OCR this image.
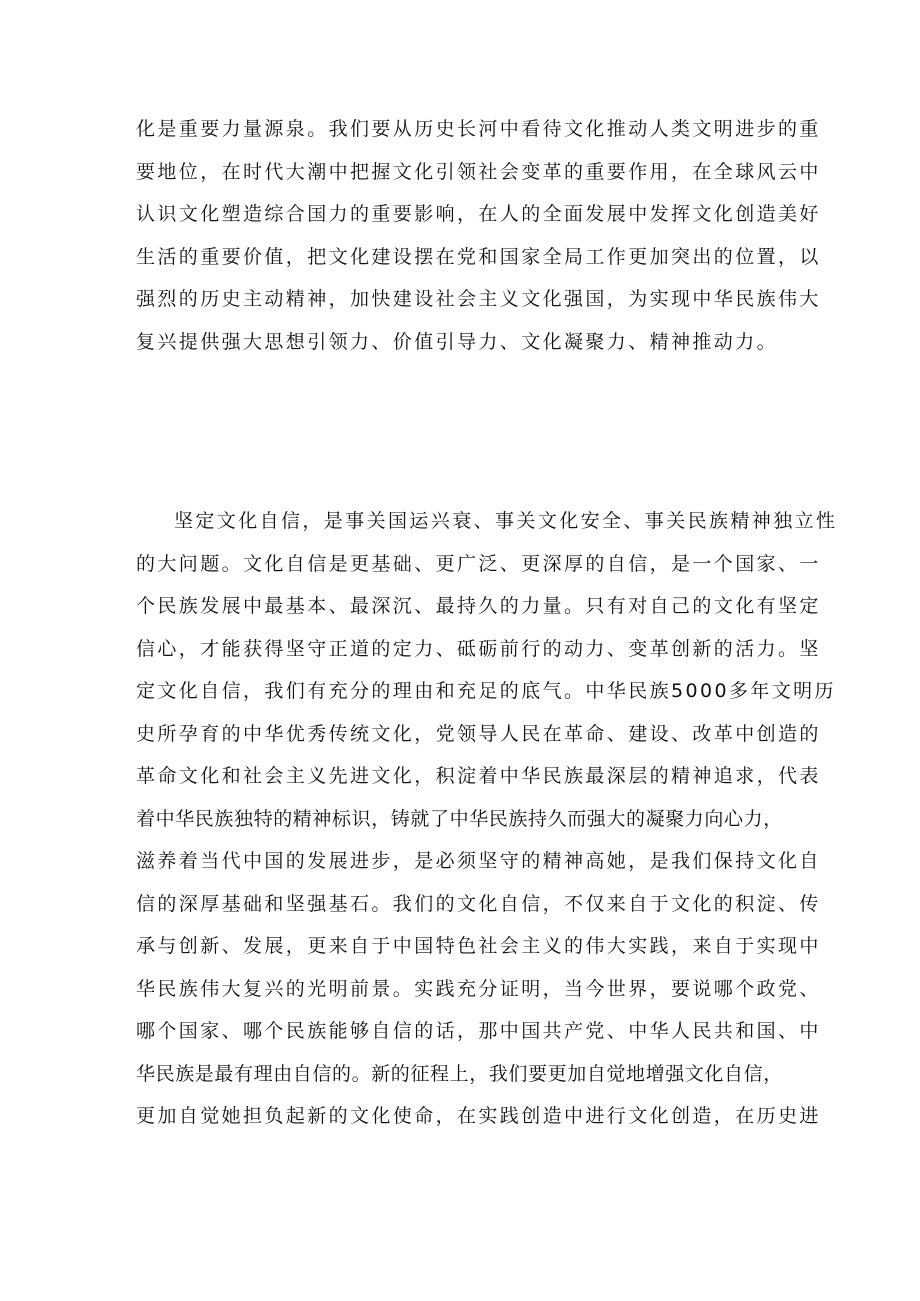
化是重要力量源泉。我们要从历史长河中看待文化推动人类文明进步的重
要地位，在时代大潮中把握文化引领社会变革的重要作用，在全球风云中
认识文化塑造综合国力的重要影响，在人的全面发展中发挥文化创造美好
生活的重要价值，把文化建设摆在党和国家全局工作更加突出的位置，以
强烈的历史主动精神，加快建设社会主义文化强国，为实现中华民族伟大
复兴提供强大思想引领力、价值引导力、文化凝聚力、精神推动力。
坚定文化自信，是事关国运兴衰、事关文化安全、事关民族精神独立性
的大问题。文化自信是更基础、更广泛、更深厚的自信，是一个国家、一
个民族发展中最基本、最深沉、最持久的力量。只有对自己的文化有坚定
信心，才能获得坚守正道的定力、砥砺前行的动力、变革创新的活力。坚
定文化自信，我们有充分的理由和充足的底气。中华民族5000多年文明历
史所孕育的中华优秀传统文化，党领导人民在革命、建设、改革中创造的
革命文化和社会主义先进文化，积淀着中华民族最深层的精神追求，代表
着中华民族独特的精神标识，铸就了中华民族持久而强大的凝聚力向心力，
滋养着当代中国的发展进步，是必须坚守的精神高她，是我们保持文化自
信的深厚基础和坚强基石。我们的文化自信，不仅来自于文化的积淀、传
承与创新、发展，更来自于中国特色社会主义的伟大实践，来自于实现中
华民族伟大复兴的光明前景。实践充分证明，当今世界，要说哪个政党、
哪个国家、哪个民族能够自信的话，那中国共产党、中华人民共和国、中
华民族是最有理由自信的。新的征程上，我们要更加自觉地增强文化自信，
更加自觉她担负起新的文化使命，在实践创造中进行文化创造，在历史进
